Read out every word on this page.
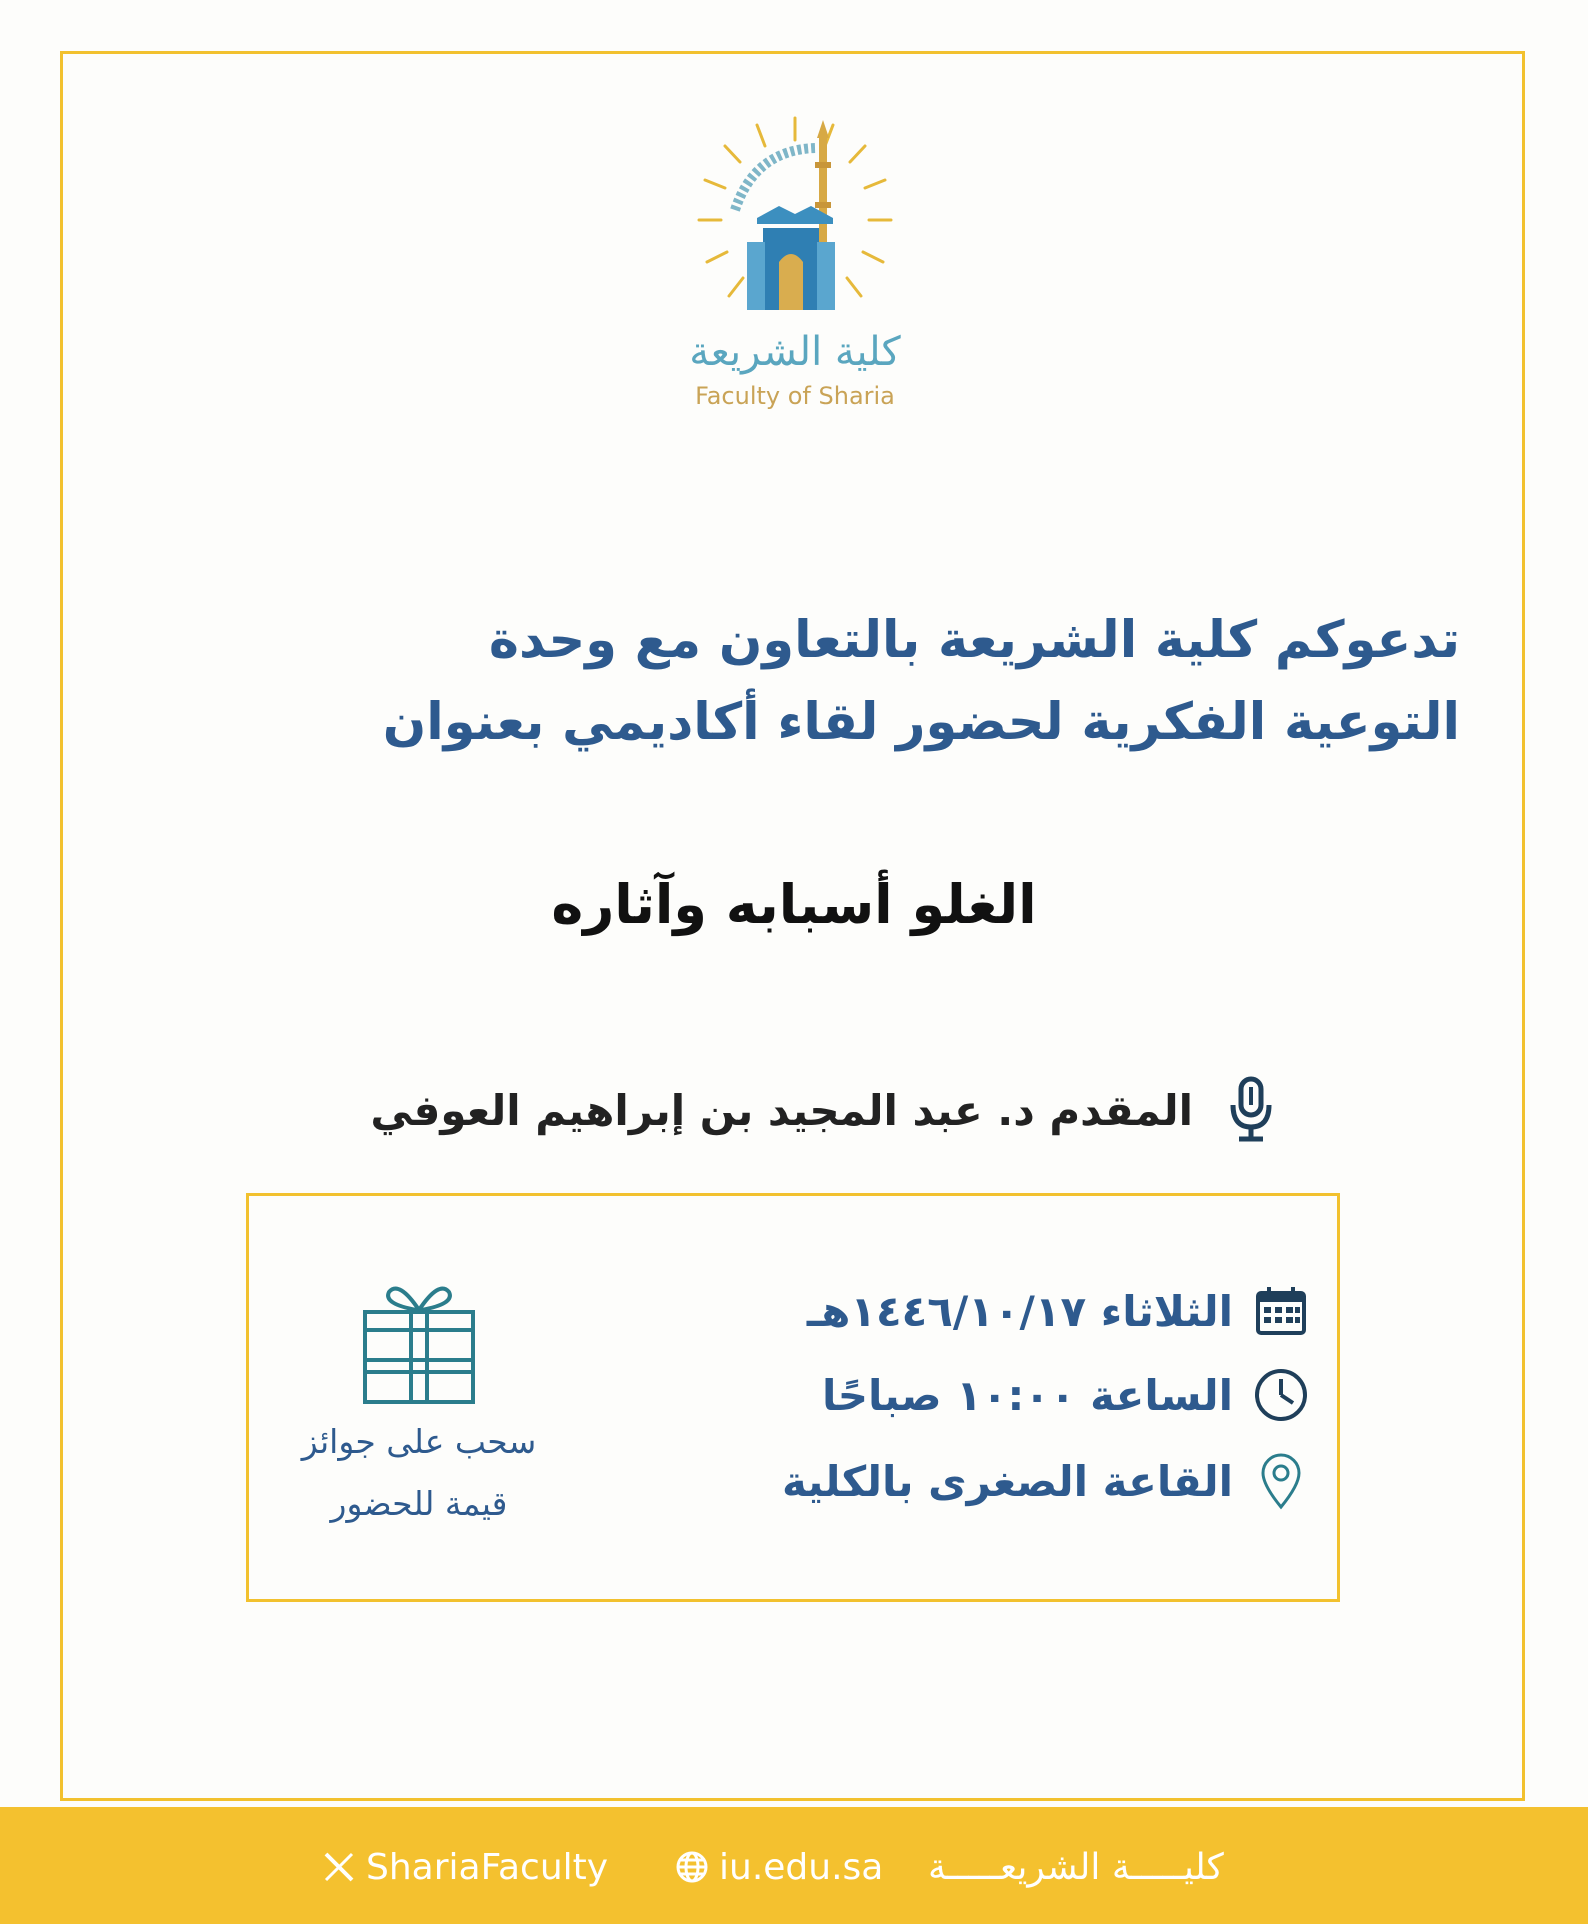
كلية الشريعة
Faculty of Sharia
تدعوكم كلية الشريعة بالتعاون مع وحدة
التوعية الفكرية لحضور لقاء أكاديمي بعنوان
الغلو أسبابه وآثاره
المقدم د. عبد المجيد بن إبراهيم العوفي
الثلاثاء ١٤٤٦/١٠/١٧هـ
الساعة ١٠:٠٠ صباحًا
القاعة الصغرى بالكلية
سحب على جوائز
قيمة للحضور
ShariaFaculty	iu.edu.sa كليـــــة الشريعـــــة
